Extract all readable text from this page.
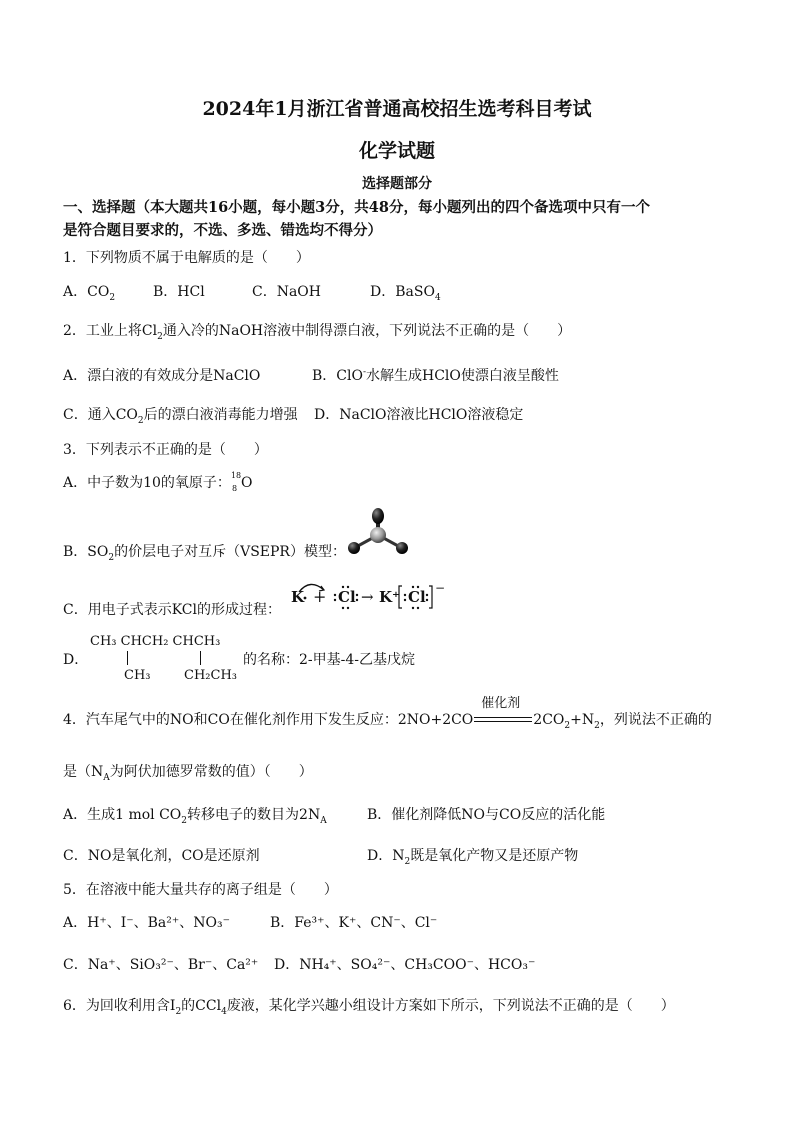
2024年1月浙江省普通高校招生选考科目考试
化学试题
选择题部分
一、选择题（本大题共16小题，每小题3分，共48分，每小题列出的四个备选项中只有一个
是符合题目要求的，不选、多选、错选均不得分）
1．下列物质不属于电解质的是（　　）
A．$CO_2$	B．HCl	C．NaOH	D．BaSO$_4$
2．工业上将$Cl_2$通入冷的NaOH溶液中制得漂白液，下列说法不正确的是（　　）
A．漂白液的有效成分是NaClO	B．ClO-水解生成HClO使漂白液呈酸性
C．通入$CO_2$后的漂白液消毒能力增强 D．NaClO溶液比HClO溶液稳定
3．下列表示不正确的是（　　）
A．中子数为10的氧原子： 18
8 O
B．$SO_2$的价层电子对互斥（VSEPR）模型：
C．用电子式表示KCl的形成过程：
K + Cl → K⁺ Cl −
D．
CH₃ CHCH₂ CHCH₃
CH₃	CH₂CH₃
的名称：2-甲基-4-乙基戊烷
4．汽车尾气中的NO和CO在催化剂作用下发生反应：2NO+2CO
催化剂
$2CO_2+N_2$，列说法不正确的
是（$N_A$为阿伏加德罗常数的值）（　　）
A．生成1 mol $CO_2$转移电子的数目为$2N_A$	B．催化剂降低NO与CO反应的活化能
C．NO是氧化剂，CO是还原剂	D．$N_2$既是氧化产物又是还原产物
5．在溶液中能大量共存的离子组是（　　）
A．H⁺、I⁻、Ba²⁺、NO₃⁻	B．Fe³⁺、K⁺、CN⁻、Cl⁻
C．Na⁺、SiO₃²⁻、Br⁻、Ca²⁺ D．NH₄⁺、SO₄²⁻、CH₃COO⁻、HCO₃⁻
6．为回收利用含$I_2$的CCl$_4$废液，某化学兴趣小组设计方案如下所示，下列说法不正确的是（　　）
